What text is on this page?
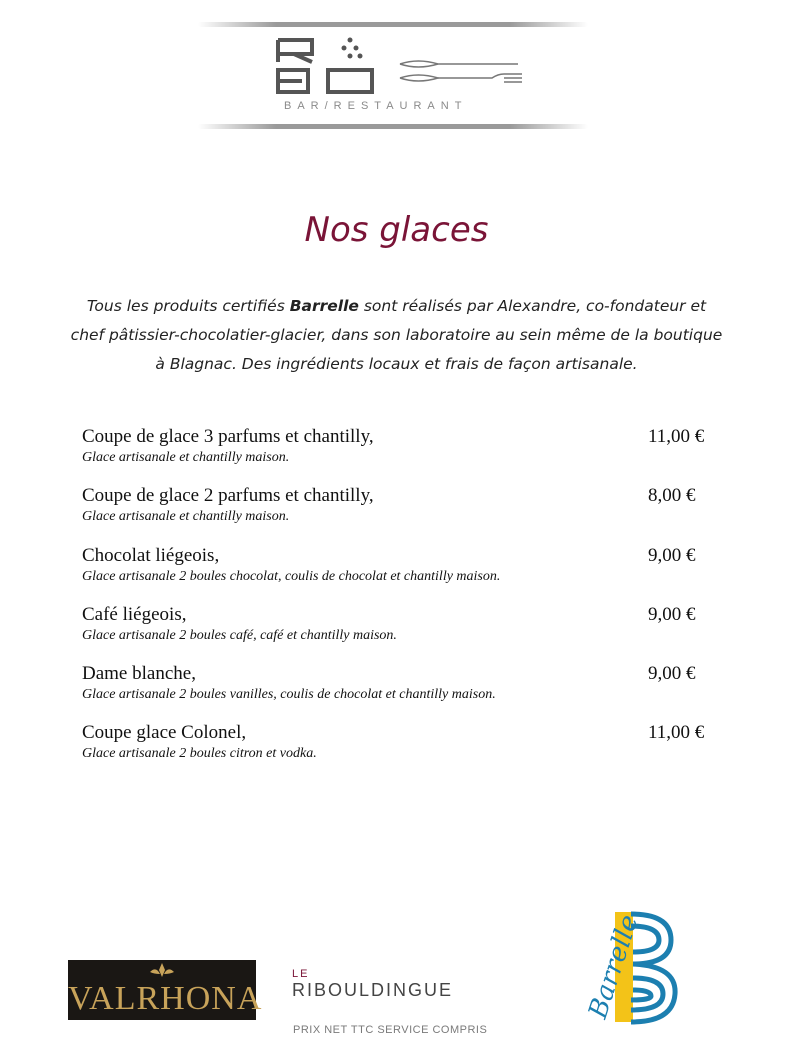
BAR/RESTAURANT
Nos glaces
Tous les produits certifiés Barrelle sont réalisés par Alexandre, co-fondateur et chef pâtissier-chocolatier-glacier, dans son laboratoire au sein même de la boutique à Blagnac. Des ingrédients locaux et frais de façon artisanale.
Coupe de glace 3 parfums et chantilly,
Glace artisanale et chantilly maison.
11,00 €
Coupe de glace 2 parfums et chantilly,
Glace artisanale et chantilly maison.
8,00 €
Chocolat liégeois,
Glace artisanale 2 boules chocolat, coulis de chocolat et chantilly maison.
9,00 €
Café liégeois,
Glace artisanale 2 boules café, café et chantilly maison.
9,00 €
Dame blanche,
Glace artisanale 2 boules vanilles, coulis de chocolat et chantilly maison.
9,00 €
Coupe glace Colonel,
Glace artisanale 2 boules citron et vodka.
11,00 €
VALRHONA
LE
RIBOULDINGUE
PRIX NET TTC SERVICE COMPRIS
Barrelle
